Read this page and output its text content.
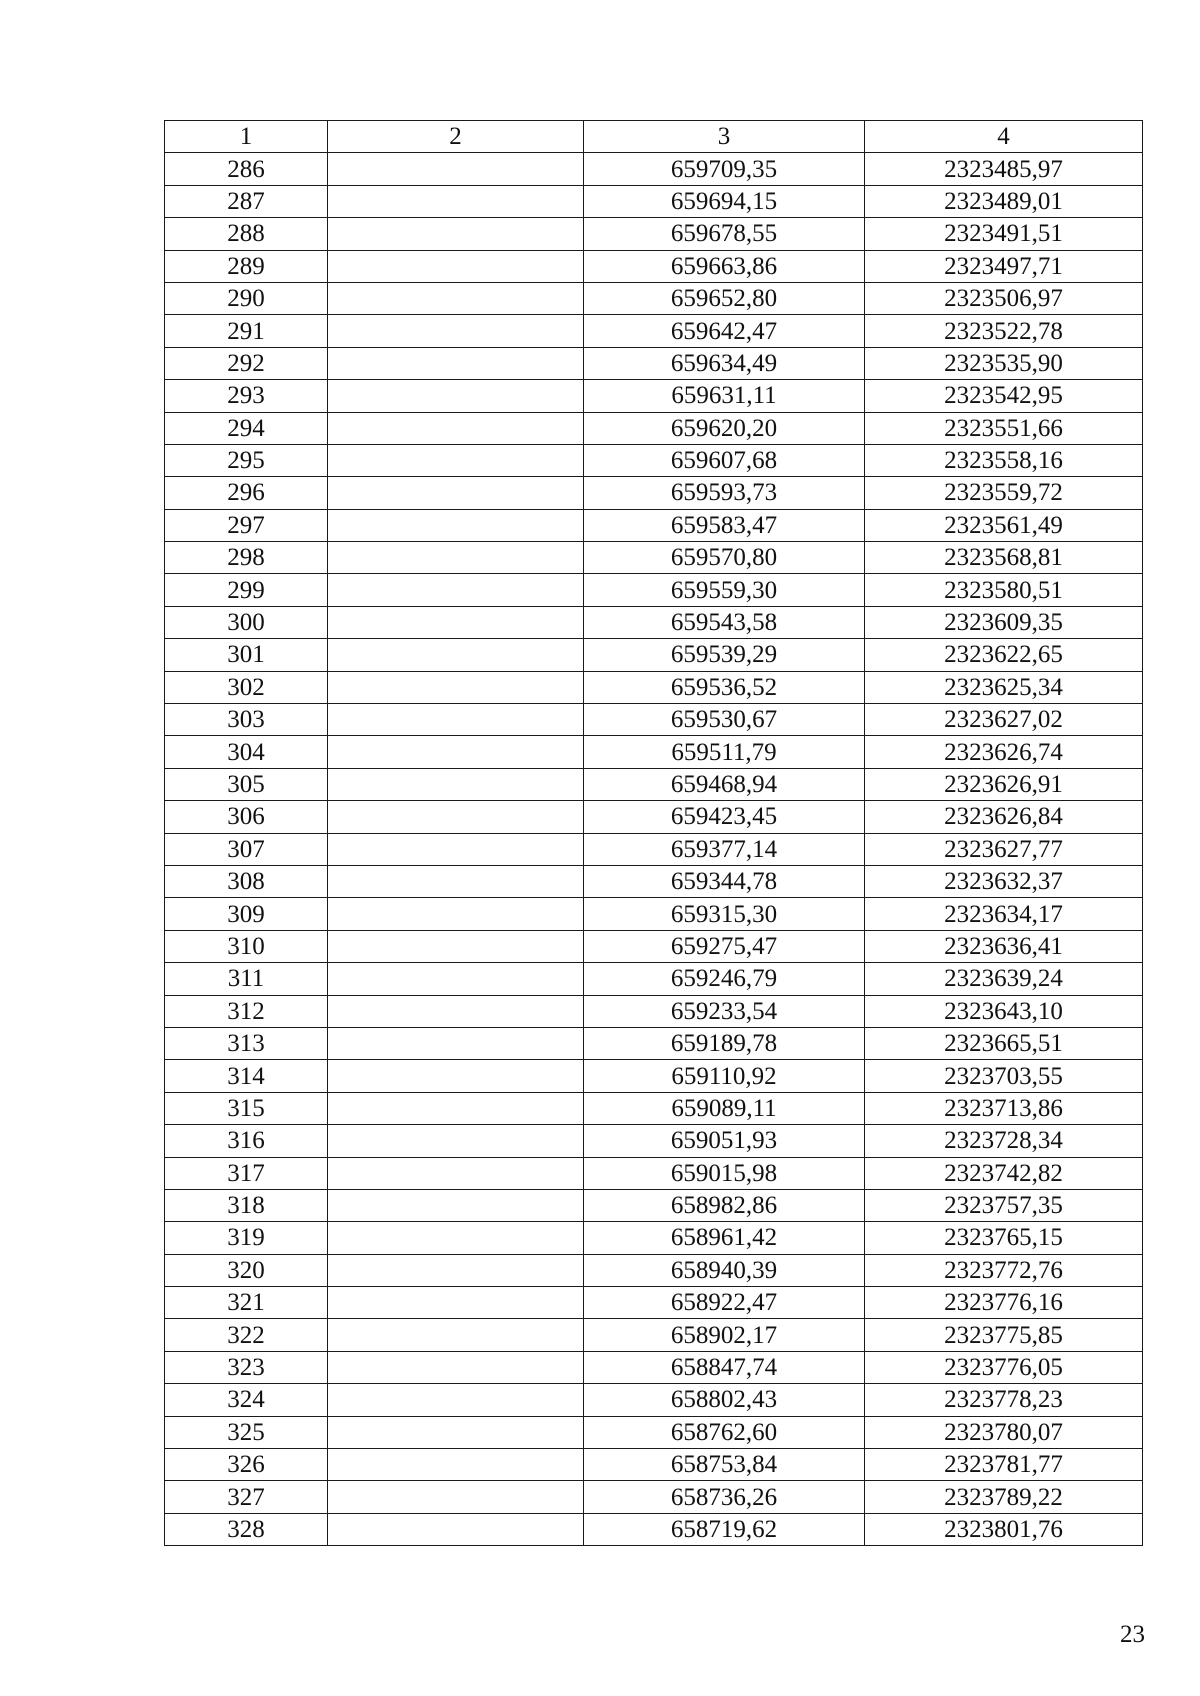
1	2	3	4
286		659709,35	2323485,97
287		659694,15	2323489,01
288		659678,55	2323491,51
289		659663,86	2323497,71
290		659652,80	2323506,97
291		659642,47	2323522,78
292		659634,49	2323535,90
293		659631,11	2323542,95
294		659620,20	2323551,66
295		659607,68	2323558,16
296		659593,73	2323559,72
297		659583,47	2323561,49
298		659570,80	2323568,81
299		659559,30	2323580,51
300		659543,58	2323609,35
301		659539,29	2323622,65
302		659536,52	2323625,34
303		659530,67	2323627,02
304		659511,79	2323626,74
305		659468,94	2323626,91
306		659423,45	2323626,84
307		659377,14	2323627,77
308		659344,78	2323632,37
309		659315,30	2323634,17
310		659275,47	2323636,41
311		659246,79	2323639,24
312		659233,54	2323643,10
313		659189,78	2323665,51
314		659110,92	2323703,55
315		659089,11	2323713,86
316		659051,93	2323728,34
317		659015,98	2323742,82
318		658982,86	2323757,35
319		658961,42	2323765,15
320		658940,39	2323772,76
321		658922,47	2323776,16
322		658902,17	2323775,85
323		658847,74	2323776,05
324		658802,43	2323778,23
325		658762,60	2323780,07
326		658753,84	2323781,77
327		658736,26	2323789,22
328		658719,62	2323801,76
23
